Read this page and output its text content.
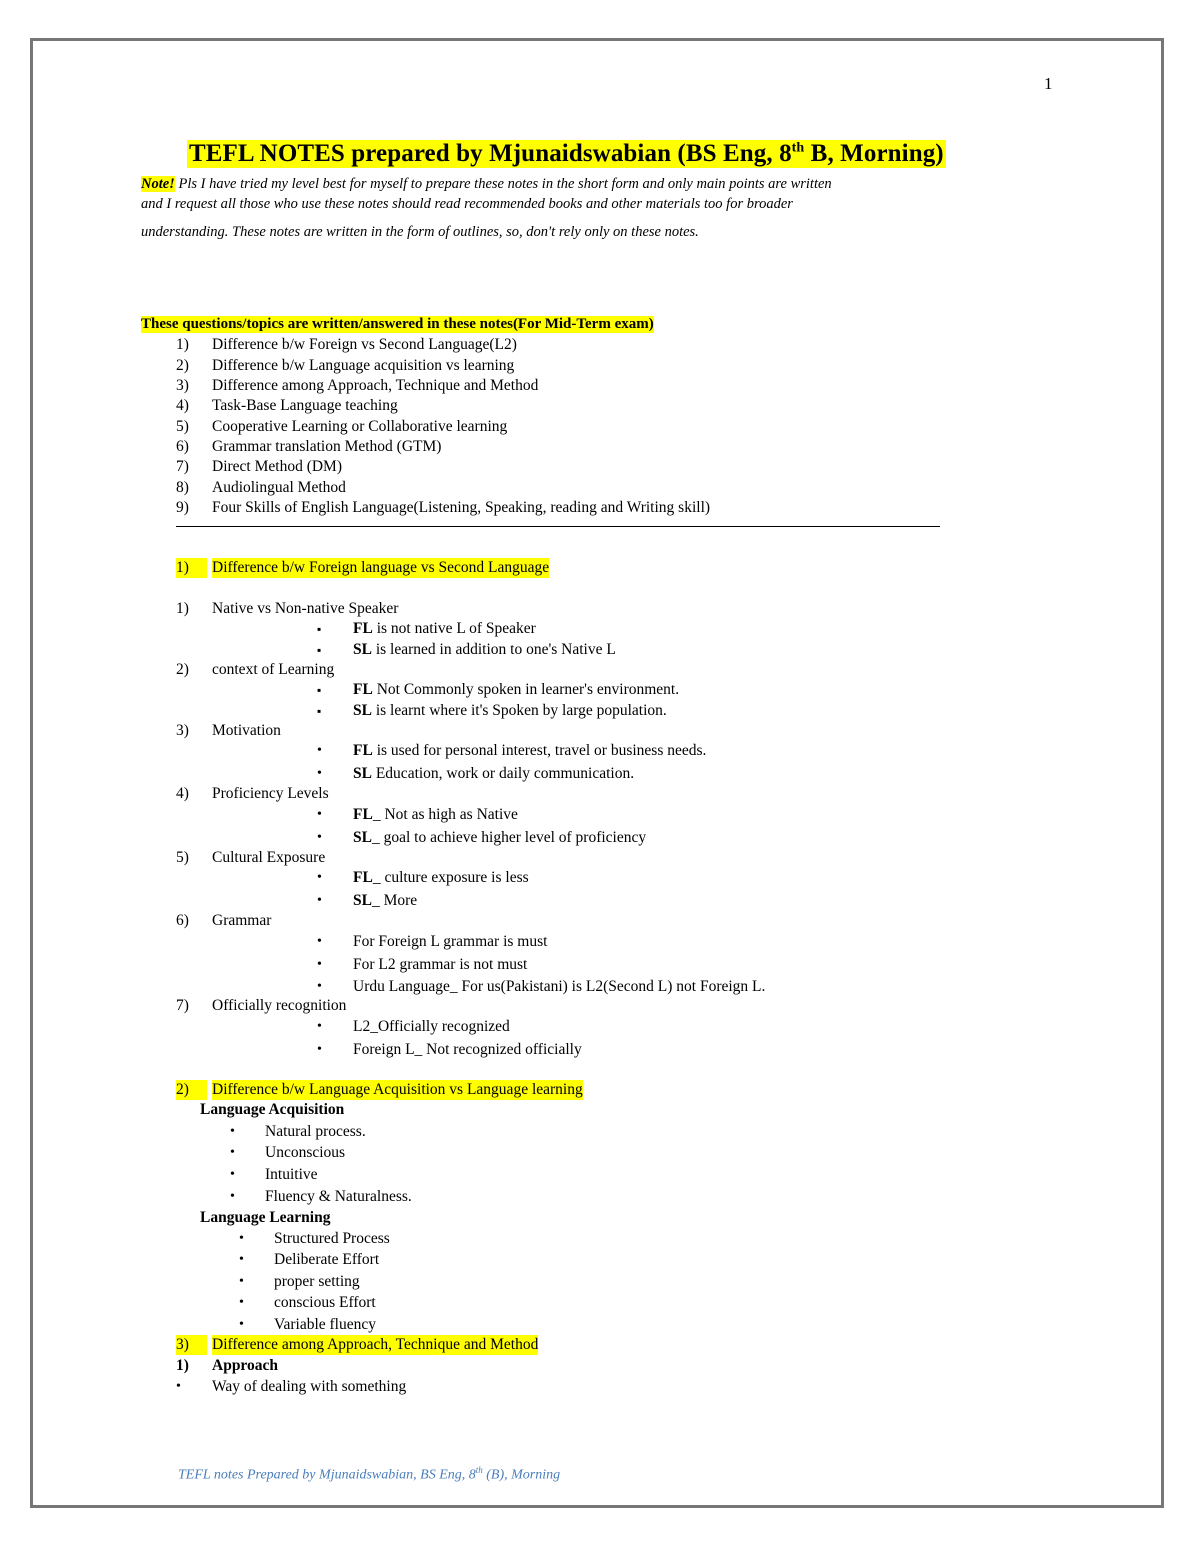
1
TEFL NOTES prepared by Mjunaidswabian (BS Eng, 8th B, Morning)
Note! Pls I have tried my level best for myself to prepare these notes in the short form and only main points are written
and I request all those who use these notes should read recommended books and other materials too for broader
understanding. These notes are written in the form of outlines, so, don't rely only on these notes.
These questions/topics are written/answered in these notes(For Mid-Term exam)
1) Difference b/w Foreign vs Second Language(L2)
2) Difference b/w Language acquisition vs learning
3) Difference among Approach, Technique and Method
4) Task-Base Language teaching
5) Cooperative Learning or Collaborative learning
6) Grammar translation Method (GTM)
7) Direct Method (DM)
8) Audiolingual Method
9) Four Skills of English Language(Listening, Speaking, reading and Writing skill)
1)	Difference b/w Foreign language vs Second Language
1) Native vs Non-native Speaker
▪ FL is not native L of Speaker
▪ SL is learned in addition to one's Native L
2) context of Learning
▪ FL Not Commonly spoken in learner's environment.
▪ SL is learnt where it's Spoken by large population.
3) Motivation
• FL is used for personal interest, travel or business needs.
• SL Education, work or daily communication.
4) Proficiency Levels
• FL_ Not as high as Native
• SL_ goal to achieve higher level of proficiency
5) Cultural Exposure
• FL_ culture exposure is less
• SL_ More
6) Grammar
• For Foreign L grammar is must
• For L2 grammar is not must
• Urdu Language_ For us(Pakistani) is L2(Second L) not Foreign L.
7) Officially recognition
• L2_Officially recognized
• Foreign L_ Not recognized officially
2)	Difference b/w Language Acquisition vs Language learning
Language Acquisition
• Natural process.
• Unconscious
• Intuitive
• Fluency & Naturalness.
Language Learning
• Structured Process
• Deliberate Effort
• proper setting
• conscious Effort
• Variable fluency
3)	Difference among Approach, Technique and Method
1) Approach
• Way of dealing with something
TEFL notes Prepared by Mjunaidswabian, BS Eng, 8th (B), Morning
